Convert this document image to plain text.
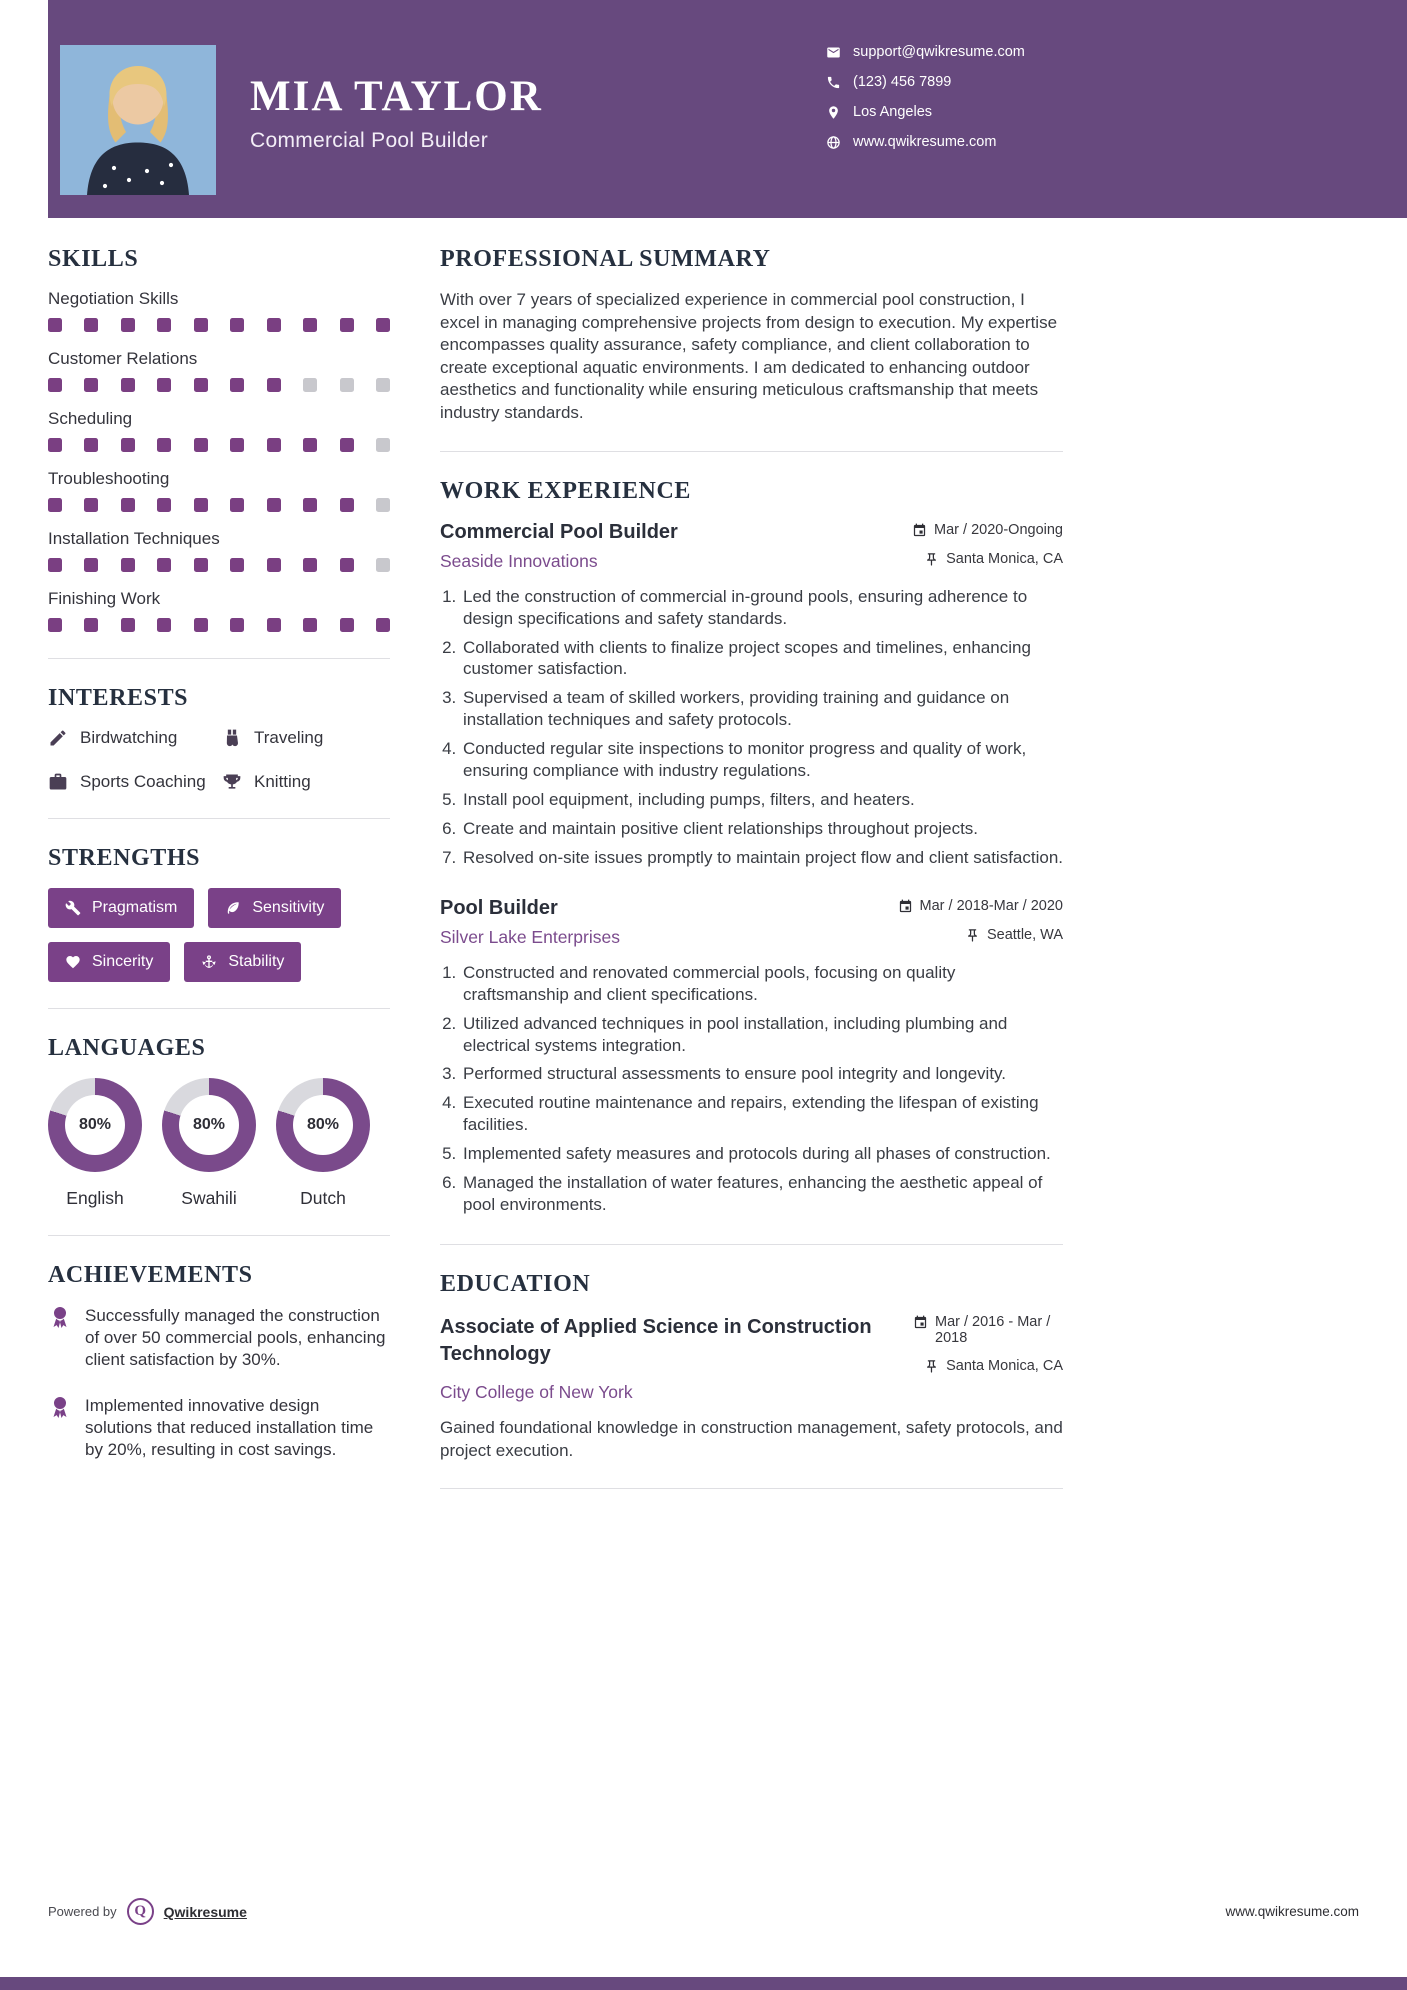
MIA TAYLOR
Commercial Pool Builder
support@qwikresume.com
(123) 456 7899
Los Angeles
www.qwikresume.com
SKILLS
Negotiation Skills
Customer Relations
Scheduling
Troubleshooting
Installation Techniques
Finishing Work
INTERESTS
Birdwatching	Traveling
Sports Coaching	Knitting
STRENGTHS
Pragmatism	Sensitivity
Sincerity	Stability
LANGUAGES
80%
English
80%
Swahili
80%
Dutch
ACHIEVEMENTS
Successfully managed the construction of over 50 commercial pools, enhancing client satisfaction by 30%.
Implemented innovative design solutions that reduced installation time by 20%, resulting in cost savings.
PROFESSIONAL SUMMARY

With over 7 years of specialized experience in commercial pool construction, I excel in managing comprehensive projects from design to execution. My expertise encompasses quality assurance, safety compliance, and client collaboration to create exceptional aquatic environments. I am dedicated to enhancing outdoor aesthetics and functionality while ensuring meticulous craftsmanship that meets industry standards.

WORK EXPERIENCE
Commercial Pool Builder	Mar / 2020-Ongoing
Seaside Innovations	Santa Monica, CA
1. Led the construction of commercial in-ground pools, ensuring adherence to design specifications and safety standards.
2. Collaborated with clients to finalize project scopes and timelines, enhancing customer satisfaction.
3. Supervised a team of skilled workers, providing training and guidance on installation techniques and safety protocols.
4. Conducted regular site inspections to monitor progress and quality of work, ensuring compliance with industry regulations.
5. Install pool equipment, including pumps, filters, and heaters.
6. Create and maintain positive client relationships throughout projects.
7. Resolved on-site issues promptly to maintain project flow and client satisfaction.
Pool Builder	Mar / 2018-Mar / 2020
Silver Lake Enterprises	Seattle, WA
1. Constructed and renovated commercial pools, focusing on quality craftsmanship and client specifications.
2. Utilized advanced techniques in pool installation, including plumbing and electrical systems integration.
3. Performed structural assessments to ensure pool integrity and longevity.
4. Executed routine maintenance and repairs, extending the lifespan of existing facilities.
5. Implemented safety measures and protocols during all phases of construction.
6. Managed the installation of water features, enhancing the aesthetic appeal of pool environments.
EDUCATION
Associate of Applied Science in Construction Technology
Mar / 2016 - Mar / 2018
Santa Monica, CA
City College of New York

Gained foundational knowledge in construction management, safety protocols, and project execution.

Powered by	Q	Qwikresume	www.qwikresume.com
